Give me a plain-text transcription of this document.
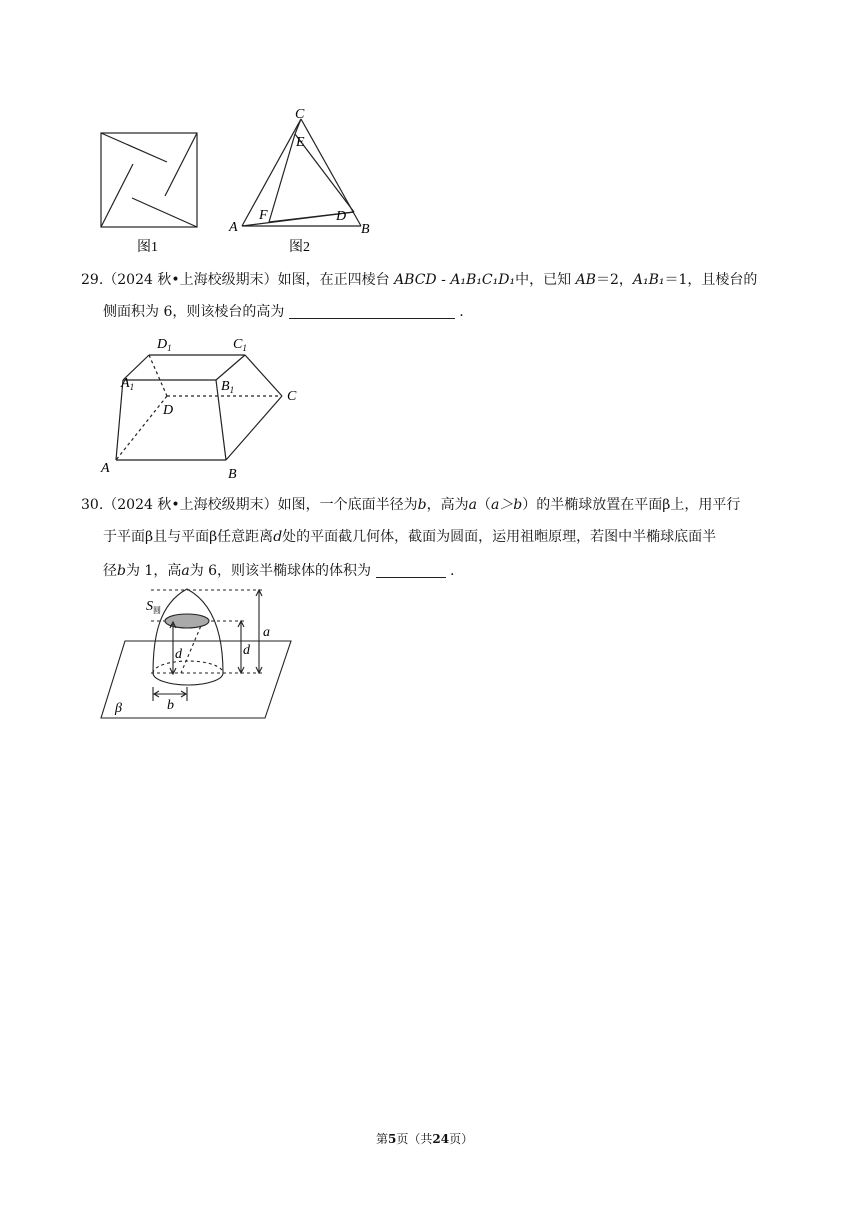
图1
C
E
A
F	D
B
图2
29.（2024 秋•上海校级期末）如图，在正四棱台 ABCD ‑ A₁B₁C₁D₁中，已知 AB＝2，A₁B₁＝1，且棱台的
侧面积为 6，则该棱台的高为	.
$D_1$	$C_1$
$A_1$	$B_1$	C
D
A	B
30.（2024 秋•上海校级期末）如图，一个底面半径为b，高为a（a＞b）的半椭球放置在平面β上，用平行
于平面β且与平面β任意距离d处的平面截几何体，截面为圆面，运用祖暅原理，若图中半椭球底面半
径b为 1，高a为 6，则该半椭球体的体积为	.
$S_圆$
a
d	d
b
β
第5页（共24页）
